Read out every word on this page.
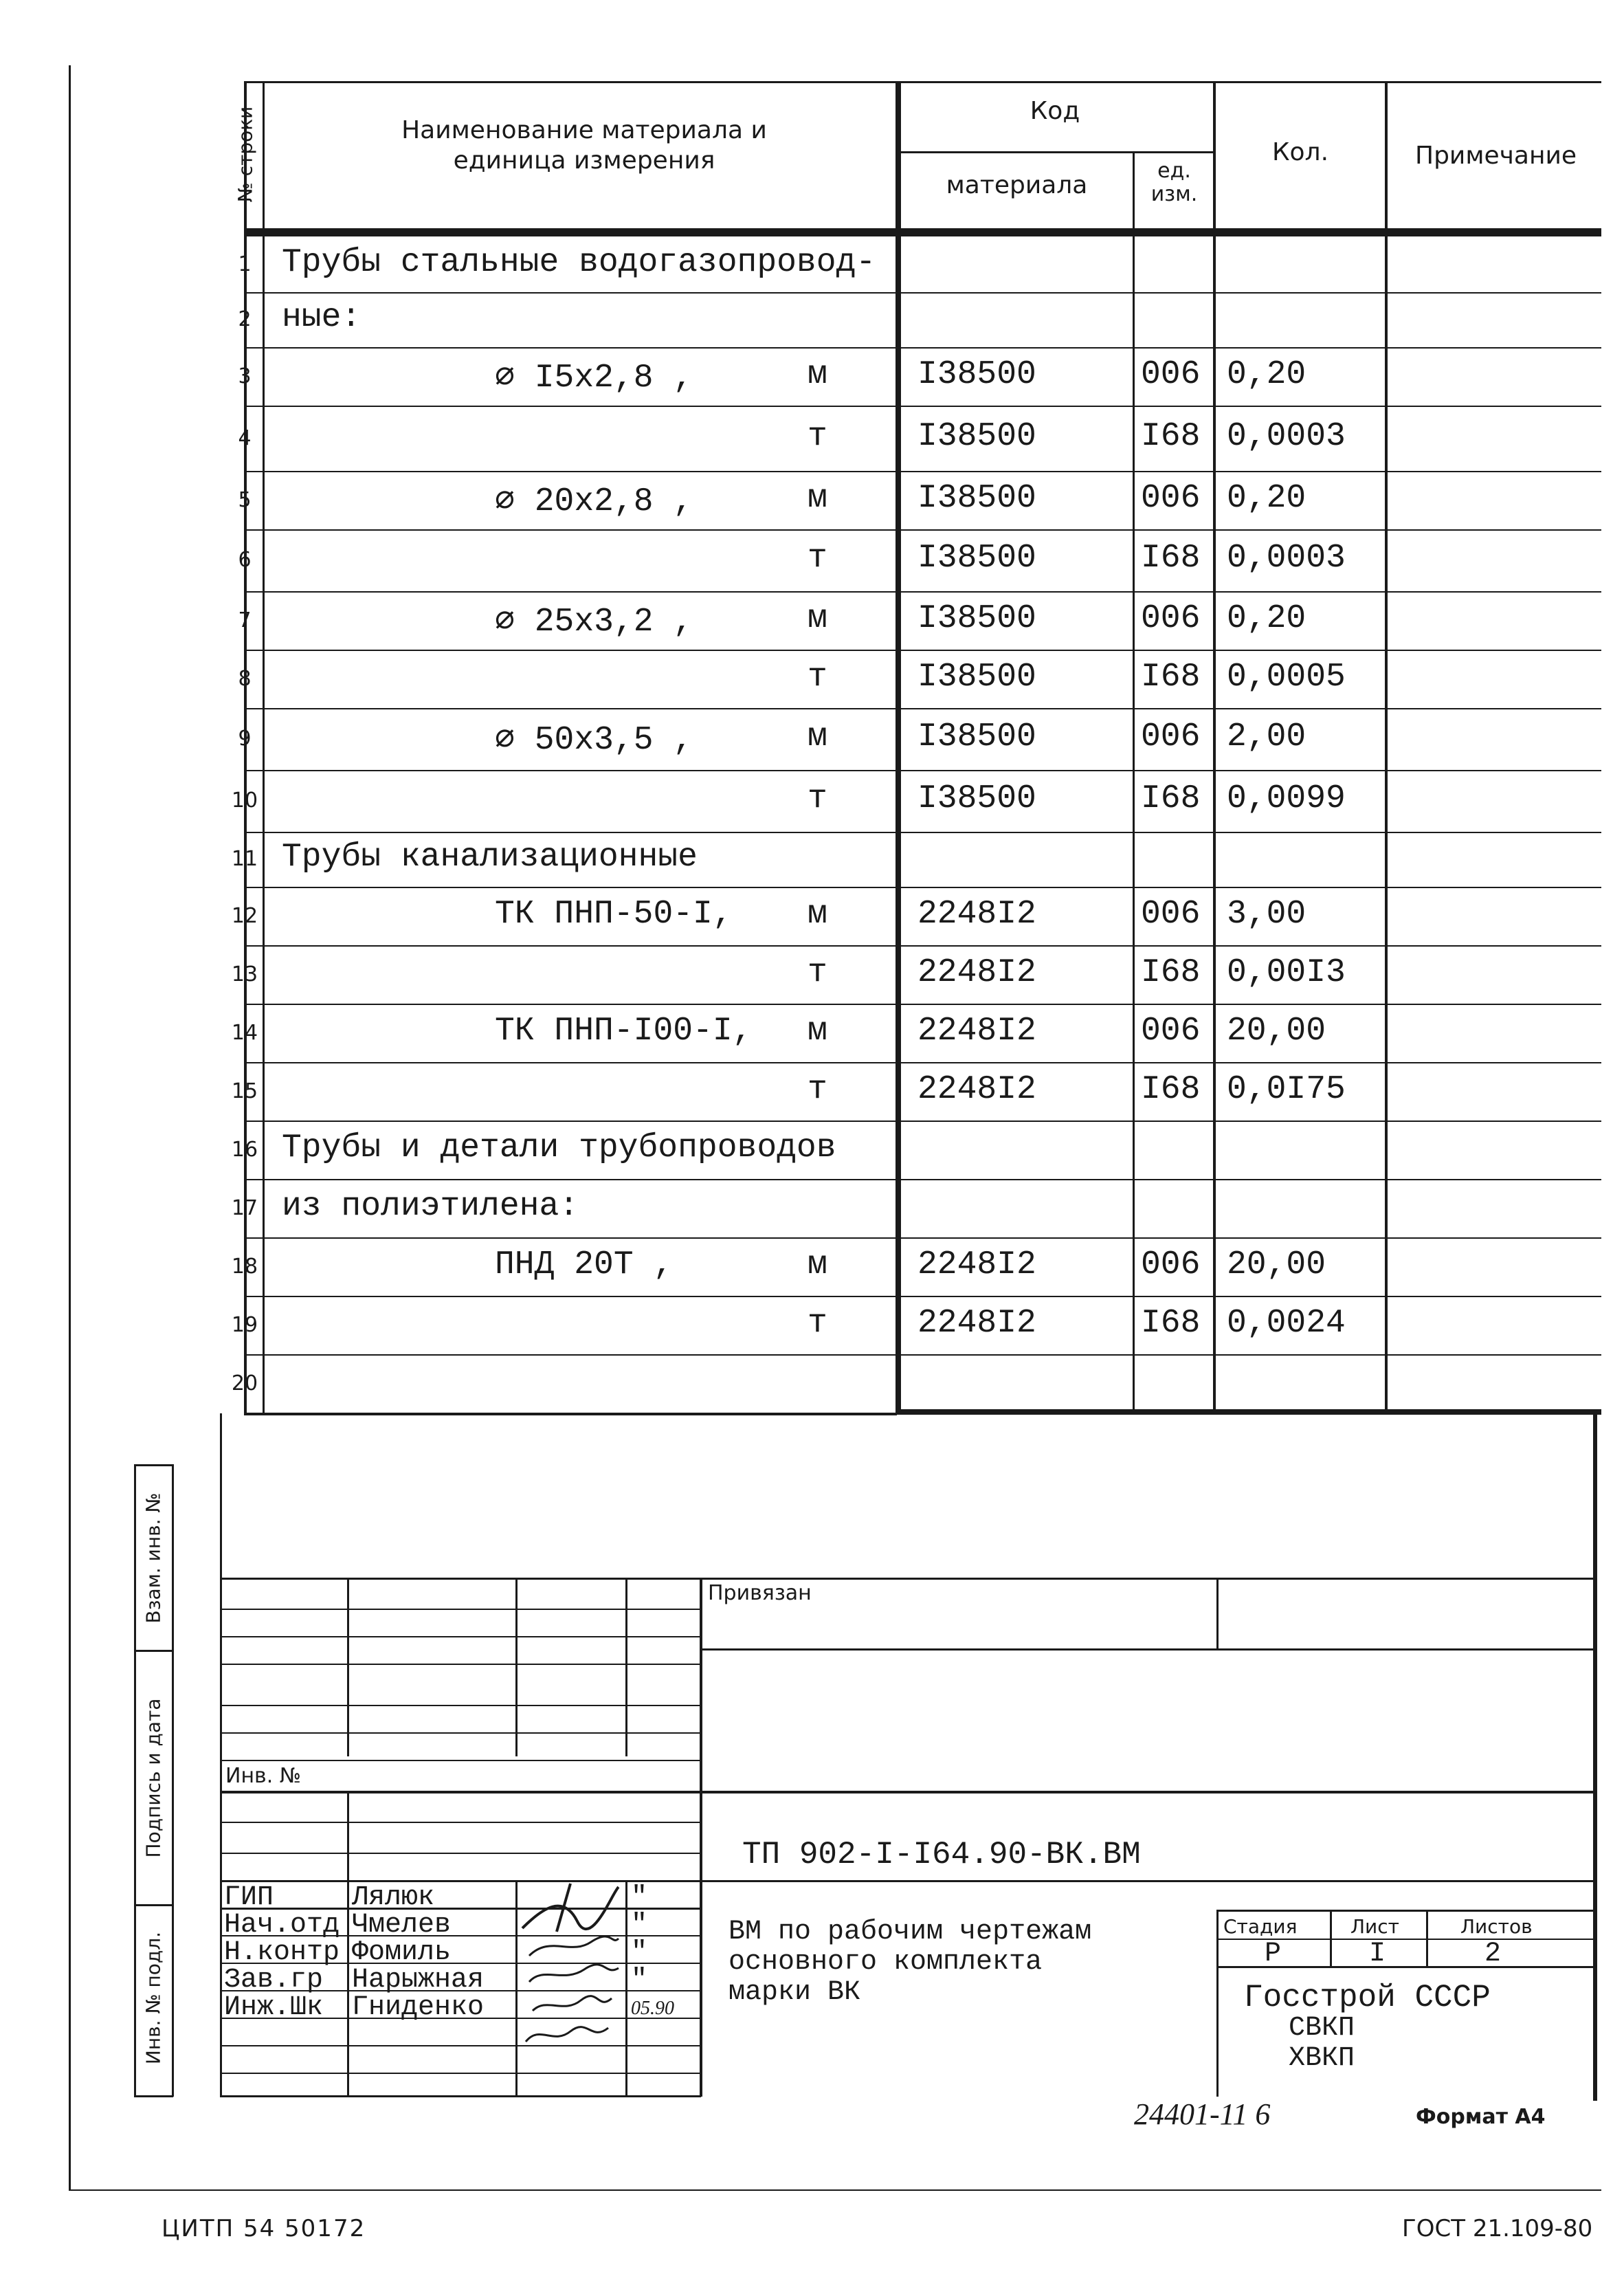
№ строки	Наименование материала и единица измерения
Код
материала
ед. изм.
Кол.	Примечание
1 Трубы стальные водогазопровод-
2 ные:
3	∅ I5x2,8 ,	м	I38500	006 0,20
4	т	I38500	I68 0,0003
5	∅ 20x2,8 ,	м	I38500	006 0,20
6	т	I38500	I68 0,0003
7	∅ 25x3,2 ,	м	I38500	006 0,20
8	т	I38500	I68 0,0005
9	∅ 50x3,5 ,	м	I38500	006 2,00
10	т	I38500	I68 0,0099
11 Трубы канализационные
12	ТК ПНП-50-I, м	2248I2	006 3,00
13	т	2248I2	I68 0,00I3
14	ТК ПНП-I00-I, м	2248I2	006 20,00
15	т	2248I2	I68 0,0I75
16 Трубы и детали трубопроводов
17 из полиэтилена:
18	ПНД 20Т ,	м	2248I2	006 20,00
19	т	2248I2	I68 0,0024
20
Взам. инв. №
Подпись и дата
Инв. № подл.
Привязан
Инв. №
ТП 902-I-I64.90-ВК.ВМ
ВМ по рабочим чертежам
основного комплекта
марки ВК
Стадия	Лист	Листов
Р	I	2
Госстрой СССР
СВКП
ХВКП
ГИП	Лялюк	"
Нач.отд Чмелев	"
Н.контр Фомиль	"
Зав.гр Нарыжная	"
Инж.Шк Гниденко	05.90
24401-11 6	Формат А4
ЦИТП 54 50172	ГОСТ 21.109-80
